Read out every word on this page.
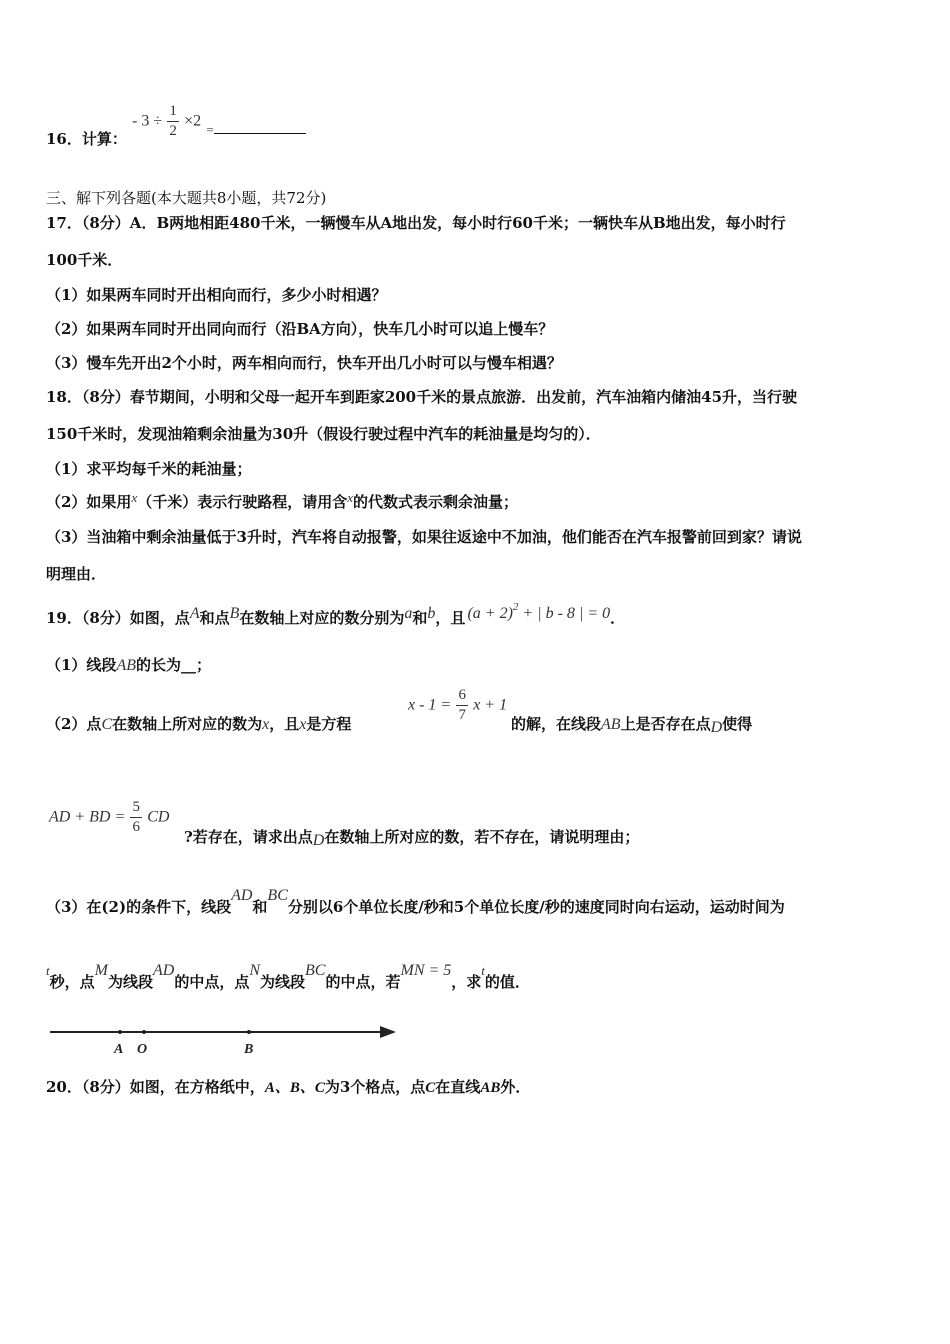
16．计算：
- $3 \div \frac{1}{2} \times 2$ =
三、解下列各题(本大题共8小题，共72分)
17．（8分）A．B两地相距480千米，一辆慢车从A地出发，每小时行60千米；一辆快车从B地出发，每小时行
100千米．
（1）如果两车同时开出相向而行，多少小时相遇？
（2）如果两车同时开出同向而行（沿BA方向），快车几小时可以追上慢车？
（3）慢车先开出2个小时，两车相向而行，快车开出几小时可以与慢车相遇？
18．（8分）春节期间，小明和父母一起开车到距家200千米的景点旅游．出发前，汽车油箱内储油45升，当行驶
150千米时，发现油箱剩余油量为30升（假设行驶过程中汽车的耗油量是均匀的）．
（1）求平均每千米的耗油量；
（2）如果用x（千米）表示行驶路程，请用含x的代数式表示剩余油量；
（3）当油箱中剩余油量低于3升时，汽车将自动报警，如果往返途中不加油，他们能否在汽车报警前回到家？请说
明理由．
19．（8分）如图，点A和点B在数轴上对应的数分别为a和b，且 $(a + 2)^2$ + | b - 8 | = 0．
（1）线段AB的长为__；
（2）点C在数轴上所对应的数为x，且x是方程
$x - 1 = \frac{6}{7}$ x + 1
的解，在线段AB上是否存在点D使得
AD + BD = $\frac{5}{6}$ CD
?若存在，请求出点D在数轴上所对应的数，若不存在，请说明理由；
（3）在(2)的条件下，线段AD和BC分别以6个单位长度/秒和5个单位长度/秒的速度同时向右运动，运动时间为
t秒，点M为线段AD的中点，点N为线段BC的中点，若MN = 5，求t的值．
A O	B
20．（8分）如图，在方格纸中，A、B、C为3个格点，点C在直线AB外．
